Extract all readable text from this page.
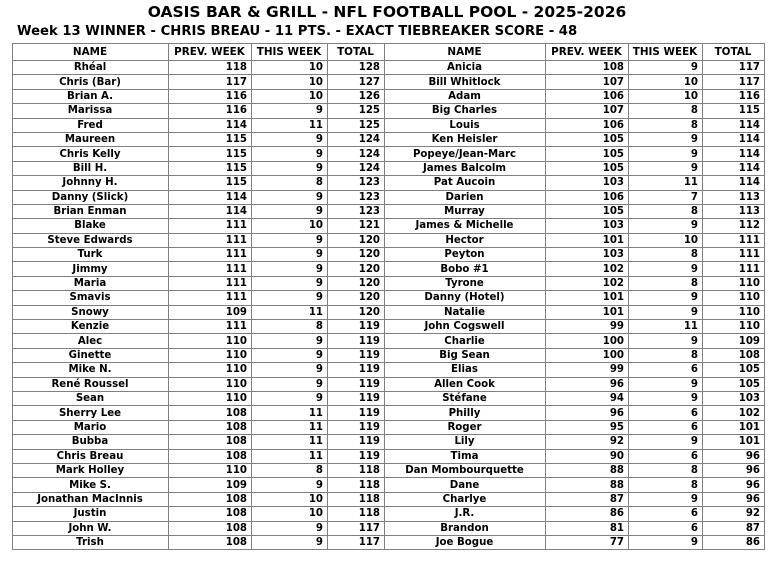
OASIS BAR & GRILL - NFL FOOTBALL POOL - 2025-2026
Week 13 WINNER - CHRIS BREAU - 11 PTS. - EXACT TIEBREAKER SCORE - 48
NAME	PREV. WEEK	THIS WEEK	TOTAL	NAME	PREV. WEEK	THIS WEEK	TOTAL
Rhéal	118	10	128	Anicia	108	9	117
Chris (Bar)	117	10	127	Bill Whitlock	107	10	117
Brian A.	116	10	126	Adam	106	10	116
Marissa	116	9	125	Big Charles	107	8	115
Fred	114	11	125	Louis	106	8	114
Maureen	115	9	124	Ken Heisler	105	9	114
Chris Kelly	115	9	124	Popeye/Jean-Marc	105	9	114
Bill H.	115	9	124	James Balcolm	105	9	114
Johnny H.	115	8	123	Pat Aucoin	103	11	114
Danny (Slick)	114	9	123	Darien	106	7	113
Brian Enman	114	9	123	Murray	105	8	113
Blake	111	10	121	James & Michelle	103	9	112
Steve Edwards	111	9	120	Hector	101	10	111
Turk	111	9	120	Peyton	103	8	111
Jimmy	111	9	120	Bobo #1	102	9	111
Maria	111	9	120	Tyrone	102	8	110
Smavis	111	9	120	Danny (Hotel)	101	9	110
Snowy	109	11	120	Natalie	101	9	110
Kenzie	111	8	119	John Cogswell	99	11	110
Alec	110	9	119	Charlie	100	9	109
Ginette	110	9	119	Big Sean	100	8	108
Mike N.	110	9	119	Elias	99	6	105
René Roussel	110	9	119	Allen Cook	96	9	105
Sean	110	9	119	Stéfane	94	9	103
Sherry Lee	108	11	119	Philly	96	6	102
Mario	108	11	119	Roger	95	6	101
Bubba	108	11	119	Lily	92	9	101
Chris Breau	108	11	119	Tima	90	6	96
Mark Holley	110	8	118	Dan Mombourquette	88	8	96
Mike S.	109	9	118	Dane	88	8	96
Jonathan MacInnis	108	10	118	Charlye	87	9	96
Justin	108	10	118	J.R.	86	6	92
John W.	108	9	117	Brandon	81	6	87
Trish	108	9	117	Joe Bogue	77	9	86
